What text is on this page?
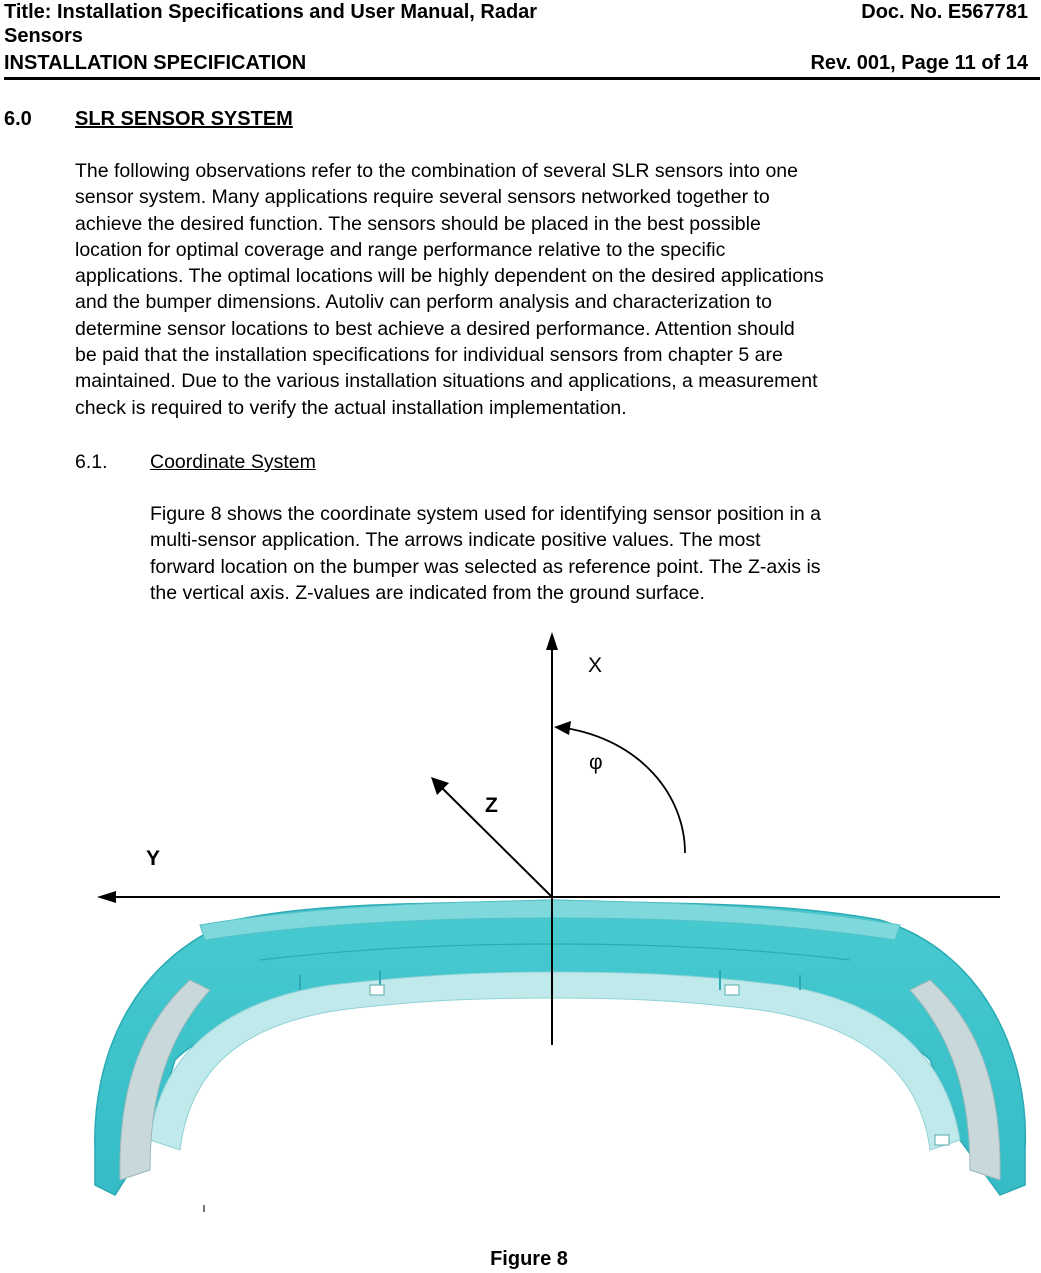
Title: Installation Specifications and User Manual, Radar
Sensors
INSTALLATION SPECIFICATION
Doc. No. E567781
Rev. 001, Page 11 of 14
6.0 SLR SENSOR SYSTEM
The following observations refer to the combination of several SLR sensors into one
sensor system. Many applications require several sensors networked together to
achieve the desired function. The sensors should be placed in the best possible
location for optimal coverage and range performance relative to the specific
applications. The optimal locations will be highly dependent on the desired applications
and the bumper dimensions. Autoliv can perform analysis and characterization to
determine sensor locations to best achieve a desired performance. Attention should
be paid that the installation specifications for individual sensors from chapter 5 are
maintained. Due to the various installation situations and applications, a measurement
check is required to verify the actual installation implementation.
6.1. Coordinate System
Figure 8 shows the coordinate system used for identifying sensor position in a
multi-sensor application. The arrows indicate positive values. The most
forward location on the bumper was selected as reference point. The Z-axis is
the vertical axis. Z-values are indicated from the ground surface.
X
Y
Z
φ
Figure 8
